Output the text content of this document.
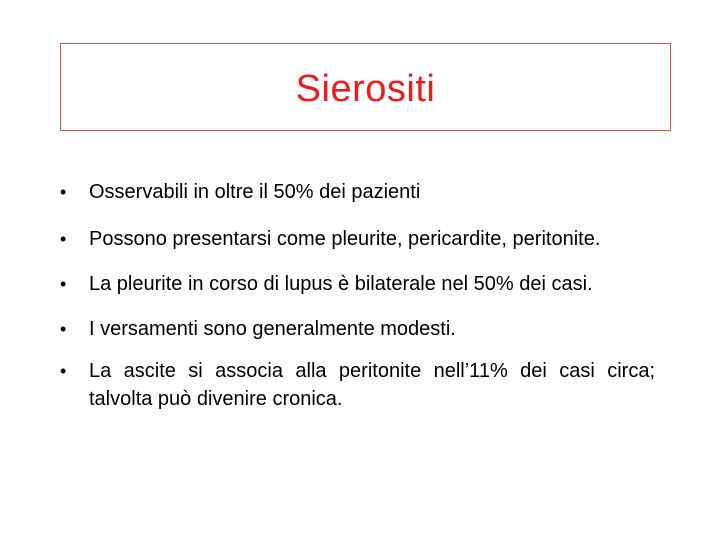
Sierositi
•	Osservabili in oltre il 50% dei pazienti
•	Possono presentarsi come pleurite, pericardite, peritonite.
•	La pleurite in corso di lupus è bilaterale nel 50% dei casi.
•	I versamenti sono generalmente modesti.
•	La ascite si associa alla peritonite nell’11% dei casi circa; talvolta può divenire cronica.
